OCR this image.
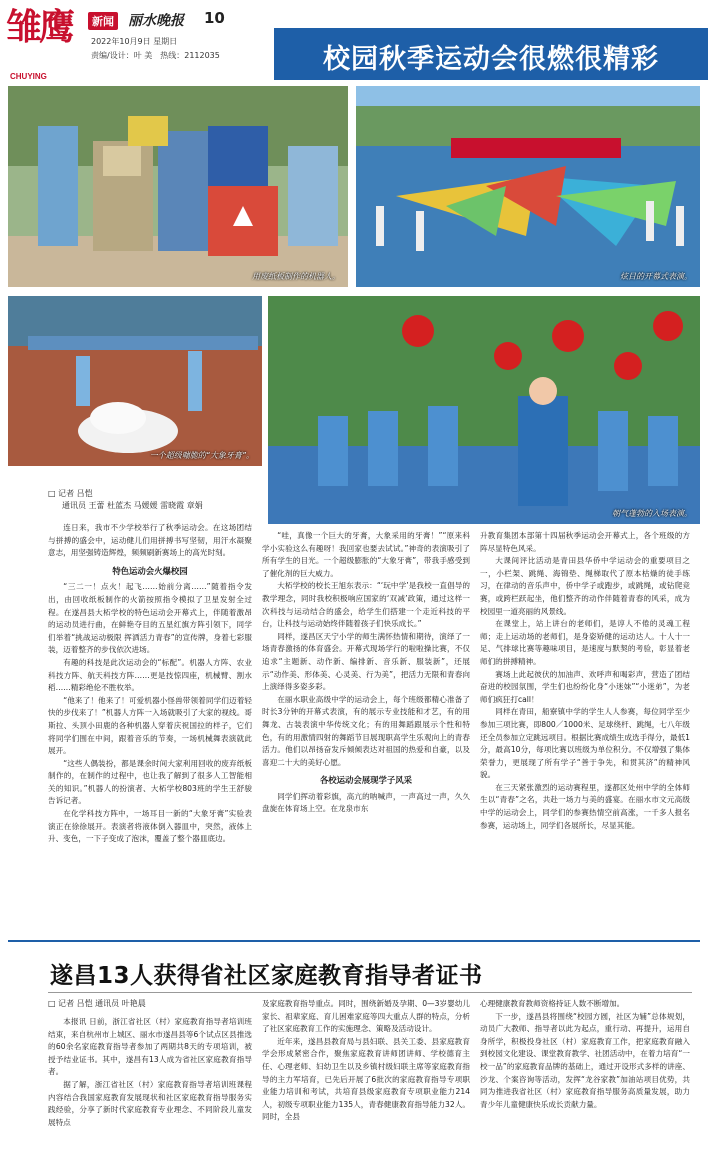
雏鹰
CHUYING
新闻 丽水晚报 10
2022年10月9日 星期日
责编/设计：叶 美　热线：2112035	校园秋季运动会很燃很精彩
用废纸板制作的机器人。	炫目的开幕式表演。
一个超级嘣脆的“大象牙膏”。
朝气蓬勃的入场表演。
□ 记者 吕恺
通讯员 王蕾 杜蓝杰 马媛媛 雷晓霞 章娟

连日来，我市不少学校举行了秋季运动会。在这场团结与拼搏的盛会中，运动健儿们用拼搏书写坚韧，用汗水凝聚意志，用坚强铸造辉煌，频频刷新赛场上的高光时刻。

特色运动会火爆校园

“三二一！点火！起飞……始前分离……”随着指令发出，由回收纸板制作的火箭按照指令模拟了卫星发射全过程。在遂昌县大柘学校的特色运动会开幕式上，伴随着激昂的运动员进行曲，在鲜艳夺目的五星红旗方阵引领下，同学们举着“挑战运动极限 挥洒活力青春”的宣传牌，身着七彩服装，迈着整齐的步伐依次进场。

有趣的科技是此次运动会的“标配”。机器人方阵、农业科技方阵、航天科技方阵……更是技惊四座，机械臂、割水稻……精彩绝伦不胜枚举。

“他来了！他来了！可爱机器小怪兽带领着同学们迈着轻快的步伐来了！”机器人方阵一入场就吸引了大家的视线。哥斯拉、头顶小田鹿的各种机器人穿着庆祝国拉的样子，它们将同学们围在中间，跟着音乐的节奏，一场机械舞表演就此展开。

“这些人偶装扮，都是课余时间大家利用回收的废弃纸板制作的，在制作的过程中，也让我了解到了很多人工智能相关的知识。”机器人的扮演者、大柘学校803班的学生王舒骏告诉记者。

在化学科技方阵中，一场耳目一新的“大象牙膏”实验表演正在徐徐展开。表演者将液体倒入器皿中，突然，液体上升、变色，一下子变成了泡沫，覆盖了整个器皿底边。

“哇，真像一个巨大的牙膏，大象采用的牙膏！”“原来科学小实验这么有趣呀！我回家也要去试试。”神奇的表演吸引了所有学生的目光。一个超级膨胀的“大象牙膏”，带我手感受到了催化剂的巨大威力。

大柘学校的校长王旭东表示：“‘玩中学’是我校一直倡导的教学理念，同时我校积极响应国家的‘双减’政策，通过这样一次科技与运动结合的盛会，给学生们搭建一个走近科技的平台，让科技与运动始终伴随着孩子们快乐成长。”

同样，遂昌区天宁小学的师生满怀热情和期待，演绎了一场青春激扬的体育盛会。开幕式现场学行的啦啦操比赛，不仅追求“主题新、动作新、编排新、音乐新、服装新”，还展示“动作美、形体美、心灵美、行为美”，把活力无限和青春向上演绎得多姿多彩。

在丽水职业高级中学的运动会上，每个班级都精心准备了时长3分钟的开幕式表演，有的展示专业技能和才艺，有的用舞龙、古装表演中华传统文化；有的用舞蹈跟展示个性和特色，有的用激情四射的舞蹈节目展现职高学生乐观向上的青春活力。他们以昂扬奋发斥倾倾表达对祖国的热爱和自豪，以及喜迎二十大的美好心愿。

各校运动会展现学子风采

同学们挥动着彩旗，高亢的呐喊声，一声高过一声，久久盘旋在体育场上空。在龙泉市东

升教育集团本部第十四届秋季运动会开幕式上，各个班级的方阵尽显特色风采。

大课间评比活动是青田县华侨中学运动会的重要项目之一，小栏架、跳绳、海锦垫、绳梯取代了原本枯燥的徒手练习，在律动的音乐声中，侨中学子或跑步，或跳绳，或钻爬竞赛，或跨栏跃起坐，他们整齐的动作伴随着青春的风采，成为校园里一道亮丽的风景线。

在课堂上，站上讲台的老师们，是谆人不倦的灵魂工程师；走上运动场的老师们，是身姿矫健的运动达人。十人十一足、气排球比赛等趣味项目，是速度与默契的考验，彰显着老师们的拼搏精神。

赛场上此起彼伏的加油声、欢呼声和喝彩声，营造了团结奋进的校园氛围，学生们也纷纷化身“小迷妹”“小迷弟”，为老师们疯狂打call！

同样在青田，船寮镇中学的学生人人参赛，每位同学至少参加三项比赛，即800／1000米、足球绕杆、跳绳，七八年级还全员参加立定跳远项目。根据比赛成绩生成选手得分，最低1分，最高10分，每项比赛以班级为单位积分。不仅增强了集体荣誉力，更展现了所有学子“善于争先，和贯其济”的精神风貌。

在三天紧张激烈的运动赛程里，遂都区处州中学的全体师生以“青春”之名，共赴一场力与美的盛宴。在丽水市文元高级中学的运动会上，同学们的参赛热情空前高涨，一千多人报名参赛，运动场上，同学们各展所长，尽显其能。

遂昌13人获得省社区家庭教育指导者证书
□ 记者 吕恺 通讯员 叶艳晨

本报讯 日前，浙江省社区（村）家庭教育指导者培训班结束，来自杭州市上城区、丽水市遂昌县等6个试点区县推选的60余名家庭教育指导者参加了两期共8天的专项培训，被授予结业证书。其中，遂昌有13人成为省社区家庭教育指导者。

据了解，浙江省社区（村）家庭教育指导者培训班课程内容结合我国家庭教育发展现状和社区家庭教育指导服务实践经验，分享了新时代家庭教育专业理念、不同阶段儿童发展特点

及家庭教育指导重点。同时，围绕新婚及孕期、0—3岁婴幼儿家长、祖辈家庭、育儿困难家庭等四大重点人群的特点，分析了社区家庭教育工作的实施理念、策略及活动设计。

近年来，遂昌县教育局与县妇联、县关工委、县家庭教育学会形成紧密合作，聚焦家庭教育讲师团讲师、学校德育主任、心理老师、妇幼卫生以及乡镇村级妇联主席等家庭教育指导的主力军培育，已先后开展了6批次的家庭教育指导专项职业能力培训和考试，共培育县级家庭教育专项职业能力214人，初级专项职业能力135人，青春健康教育指导能力32人。同时，全县

心理健康教育教师资格持证人数不断增加。

下一步，遂昌县将围绕“校园方圆，社区为辅”总体规划，动员广大教师、指导者以此为起点，重行动、再提升，运用自身所学，积极投身社区（村）家庭教育工作，把家庭教育融入到校园文化建设、课堂教育教学、社团活动中，在着力培育“一校一品”的家庭教育品牌的基础上，通过开设形式多样的讲座、沙龙、个案咨询等活动，发挥“龙谷家教”加油站项目优势，共同为推进我省社区（村）家庭教育指导服务高质量发展，助力青少年儿童健康快乐成长贡献力量。
